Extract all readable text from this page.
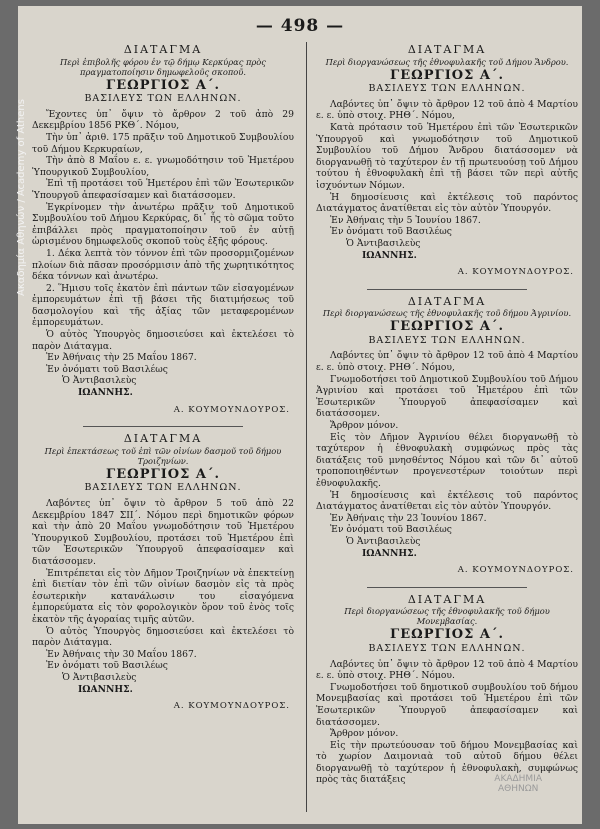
Ακαδημία Αθηνών / Academy of Athens
— 498 —
ΔΙΑΤΑΓΜΑ
Περὶ ἐπιβολῆς φόρου ἐν τῷ δήμῳ Κερκύρας πρὸς πραγματοποίησιν δημωφελοῦς σκοποῦ.
ΓΕΩΡΓΙΟΣ Α΄.
ΒΑΣΙΛΕΥΣ ΤΩΝ ΕΛΛΗΝΩΝ.
Ἔχοντες ὑπ᾿ ὄψιν τὸ ἄρθρον 2 τοῦ ἀπὸ 29 Δεκεμβρίου 1856 ΡΚΘ΄. Νόμου,
Τὴν ὑπ᾿ ἀριθ. 175 πρᾶξιν τοῦ Δημοτικοῦ Συμβουλίου τοῦ Δήμου Κερκυραίων,
Τὴν ἀπὸ 8 Μαΐου ε. ε. γνωμοδότησιν τοῦ Ἡμετέρου Ὑπουργικοῦ Συμβουλίου,
Ἐπὶ τῇ προτάσει τοῦ Ἡμετέρου ἐπὶ τῶν Ἐσωτερικῶν Ὑπουργοῦ ἀπεφασίσαμεν καὶ διατάσσομεν.
Ἐγκρίνομεν τὴν ἀνωτέρω πρᾶξιν τοῦ Δημοτικοῦ Συμβουλίου τοῦ Δήμου Κερκύρας, δι᾿ ἧς τὸ σῶμα τοῦτο ἐπιβάλλει πρὸς πραγματοποίησιν τοῦ ἐν αὐτῇ ὡρισμένου δημωφελοῦς σκοποῦ τοὺς ἑξῆς φόρους.
1. Δέκα λεπτὰ τὸν τόννον ἐπὶ τῶν προσορμιζομένων πλοίων διὰ πᾶσαν προσόρμισιν ἀπὸ τῆς χωρητικότητος δέκα τόννων καὶ ἀνωτέρω.
2. Ἥμισυ τοῖς ἑκατὸν ἐπὶ πάντων τῶν εἰσαγομένων ἐμπορευμάτων ἐπὶ τῇ βάσει τῆς διατιμήσεως τοῦ δασμολογίου καὶ τῆς ἀξίας τῶν μεταφερομένων ἐμπορευμάτων.
Ὁ αὐτὸς Ὑπουργὸς δημοσιεύσει καὶ ἐκτελέσει τὸ παρὸν Διάταγμα.
Ἐν Ἀθήναις τὴν 25 Μαΐου 1867.
Ἐν ὀνόματι τοῦ Βασιλέως
Ὁ Ἀντιβασιλεὺς
ΙΩΑΝΝΗΣ.
Α. ΚΟΥΜΟΥΝΔΟΥΡΟΣ.
ΔΙΑΤΑΓΜΑ
Περὶ ἐπεκτάσεως τοῦ ἐπὶ τῶν οἰνίων δασμοῦ τοῦ δήμου Τροιζηνίων.
ΓΕΩΡΓΙΟΣ Α΄.
ΒΑΣΙΛΕΥΣ ΤΩΝ ΕΛΛΗΝΩΝ.
Λαβόντες ὑπ᾿ ὄψιν τὸ ἄρθρον 5 τοῦ ἀπὸ 22 Δεκεμβρίου 1847 ΣΙΙ΄. Νόμου περὶ δημοτικῶν φόρων καὶ τὴν ἀπὸ 20 Μαΐου γνωμοδότησιν τοῦ Ἡμετέρου Ὑπουργικοῦ Συμβουλίου, προτάσει τοῦ Ἡμετέρου ἐπὶ τῶν Ἐσωτερικῶν Ὑπουργοῦ ἀπεφασίσαμεν καὶ διατάσσομεν.
Ἐπιτρέπεται εἰς τὸν Δῆμον Τροιζηνίων νὰ ἐπεκτείνῃ ἐπὶ διετίαν τὸν ἐπὶ τῶν οἰνίων δασμὸν εἰς τὰ πρὸς ἐσωτερικὴν κατανάλωσιν του εἰσαγόμενα ἐμπορεύματα εἰς τὸν φορολογικὸν ὅρον τοῦ ἑνὸς τοῖς ἑκατὸν τῆς ἀγοραίας τιμῆς αὐτῶν.
Ὁ αὐτὸς Ὑπουργὸς δημοσιεύσει καὶ ἐκτελέσει τὸ παρὸν Διάταγμα.
Ἐν Ἀθήναις τὴν 30 Μαΐου 1867.
Ἐν ὀνόματι τοῦ Βασιλέως
Ὁ Ἀντιβασιλεὺς
ΙΩΑΝΝΗΣ.
Α. ΚΟΥΜΟΥΝΔΟΥΡΟΣ.
ΔΙΑΤΑΓΜΑ
Περὶ διοργανώσεως τῆς ἐθνοφυλακῆς τοῦ Δήμου Ἄνδρου.
ΓΕΩΡΓΙΟΣ Α΄.
ΒΑΣΙΛΕΥΣ ΤΩΝ ΕΛΛΗΝΩΝ.
Λαβόντες ὑπ᾿ ὄψιν τὸ ἄρθρον 12 τοῦ ἀπὸ 4 Μαρτίου ε. ε. ὑπὸ στοιχ. ΡΗΘ΄. Νόμου,
Κατὰ πρότασιν τοῦ Ἡμετέρου ἐπὶ τῶν Ἐσωτερικῶν Ὑπουργοῦ καὶ γνωμοδότησιν τοῦ Δημοτικοῦ Συμβουλίου τοῦ Δήμου Ἄνδρου διατάσσομεν νὰ διοργανωθῇ τὸ ταχύτερον ἐν τῇ πρωτευούσῃ τοῦ Δήμου τούτου ἡ ἐθνοφυλακὴ ἐπὶ τῇ βάσει τῶν περὶ αὐτῆς ἰσχυόντων Νόμων.
Ἡ δημοσίευσις καὶ ἐκτέλεσις τοῦ παρόντος Διατάγματος ἀνατίθεται εἰς τὸν αὐτὸν Ὑπουργόν.
Ἐν Ἀθήναις τὴν 5 Ἰουνίου 1867.
Ἐν ὀνόματι τοῦ Βασιλέως
Ὁ Ἀντιβασιλεὺς
ΙΩΑΝΝΗΣ.
Α. ΚΟΥΜΟΥΝΔΟΥΡΟΣ.
ΔΙΑΤΑΓΜΑ
Περὶ διοργανώσεως τῆς ἐθνοφυλακῆς τοῦ δήμου Ἀγρινίου.
ΓΕΩΡΓΙΟΣ Α΄.
ΒΑΣΙΛΕΥΣ ΤΩΝ ΕΛΛΗΝΩΝ.
Λαβόντες ὑπ᾿ ὄψιν τὸ ἄρθρον 12 τοῦ ἀπὸ 4 Μαρτίου ε. ε. ὑπὸ στοιχ. ΡΗΘ΄. Νόμου,
Γνωμοδοτήσει τοῦ Δημοτικοῦ Συμβουλίου τοῦ Δήμου Ἀγρινίου καὶ προτάσει τοῦ Ἡμετέρου ἐπὶ τῶν Ἐσωτερικῶν Ὑπουργοῦ ἀπεφασίσαμεν καὶ διατάσσομεν.
Ἄρθρον μόνον.
Εἰς τὸν Δῆμον Ἀγρινίου θέλει διοργανωθῇ τὸ ταχύτερον ἡ ἐθνοφυλακὴ συμφώνως πρὸς τὰς διατάξεις τοῦ μνησθέντος Νόμου καὶ τῶν δι᾿ αὐτοῦ τροποποιηθέντων προγενεστέρων τοιούτων περὶ ἐθνοφυλακῆς.
Ἡ δημοσίευσις καὶ ἐκτέλεσις τοῦ παρόντος Διατάγματος ἀνατίθεται εἰς τὸν αὐτὸν Ὑπουργόν.
Ἐν Ἀθήναις τὴν 23 Ἰουνίου 1867.
Ἐν ὀνόματι τοῦ Βασιλέως
Ὁ Ἀντιβασιλεὺς
ΙΩΑΝΝΗΣ.
Α. ΚΟΥΜΟΥΝΔΟΥΡΟΣ.
ΔΙΑΤΑΓΜΑ
Περὶ διοργανώσεως τῆς ἐθνοφυλακῆς τοῦ δήμου Μονεμβασίας.
ΓΕΩΡΓΙΟΣ Α΄.
ΒΑΣΙΛΕΥΣ ΤΩΝ ΕΛΛΗΝΩΝ.
Λαβόντες ὑπ᾿ ὄψιν τὸ ἄρθρον 12 τοῦ ἀπὸ 4 Μαρτίου ε. ε. ὑπὸ στοιχ. ΡΗΘ΄. Νόμου.
Γνωμοδοτήσει τοῦ δημοτικοῦ συμβουλίου τοῦ δήμου Μονεμβασίας καὶ προτάσει τοῦ Ἡμετέρου ἐπὶ τῶν Ἐσωτερικῶν Ὑπουργοῦ ἀπεφασίσαμεν καὶ διατάσσομεν.
Ἄρθρον μόνον.
Εἰς τὴν πρωτεύουσαν τοῦ δήμου Μονεμβασίας καὶ τὸ χωρίον Δαιμονιαὰ τοῦ αὐτοῦ δήμου θέλει διοργανωθῇ τὸ ταχύτερον ἡ ἐθνοφυλακὴ, συμφώνως πρὸς τὰς διατάξεις	ΑΚΑΔΗΜΙΑ
ΑΘΗΝΩΝ
